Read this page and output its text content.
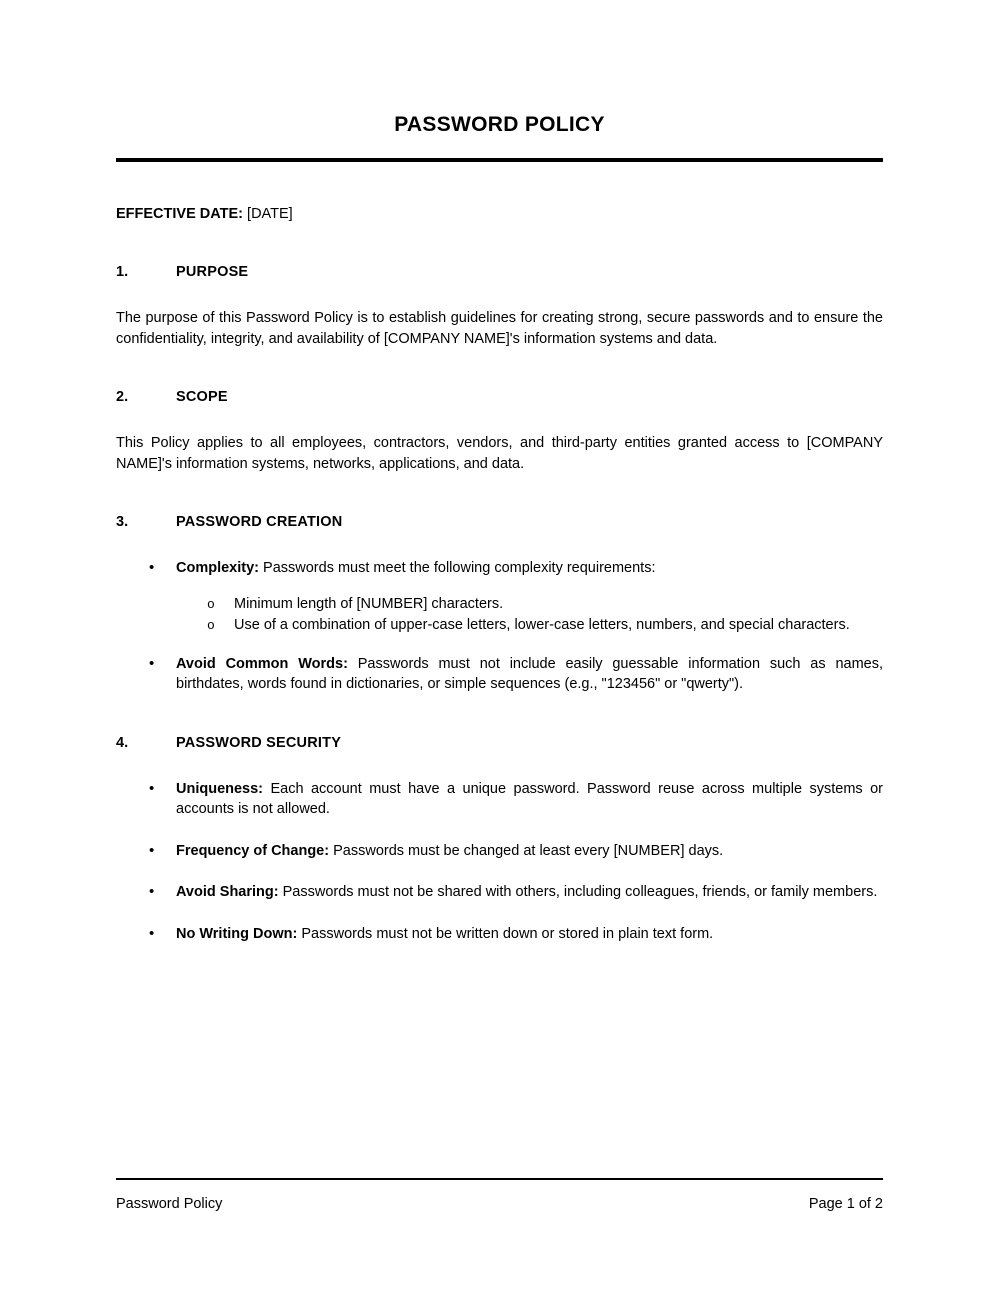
PASSWORD POLICY

EFFECTIVE DATE: [DATE]

1.	PURPOSE

The purpose of this Password Policy is to establish guidelines for creating strong, secure passwords and to ensure the confidentiality, integrity, and availability of [COMPANY NAME]'s information systems and data.

2.	SCOPE

This Policy applies to all employees, contractors, vendors, and third-party entities granted access to [COMPANY NAME]'s information systems, networks, applications, and data.

3.	PASSWORD CREATION
• Complexity: Passwords must meet the following complexity requirements:
o Minimum length of [NUMBER] characters.
o Use of a combination of upper-case letters, lower-case letters, numbers, and special characters.
• Avoid Common Words: Passwords must not include easily guessable information such as names, birthdates, words found in dictionaries, or simple sequences (e.g., "123456" or "qwerty").
4.	PASSWORD SECURITY
• Uniqueness: Each account must have a unique password. Password reuse across multiple systems or accounts is not allowed.
• Frequency of Change: Passwords must be changed at least every [NUMBER] days.
• Avoid Sharing: Passwords must not be shared with others, including colleagues, friends, or family members.
• No Writing Down: Passwords must not be written down or stored in plain text form.
Password Policy	Page 1 of 2
